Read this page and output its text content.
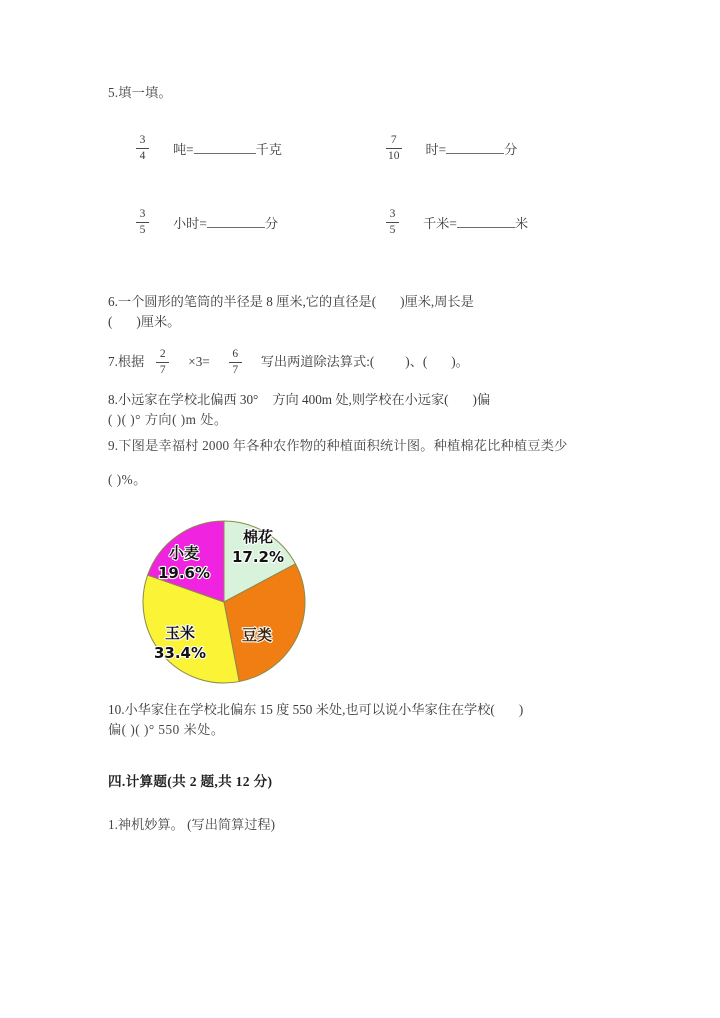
5.填一填。
$\frac{3}{4}$ 吨=	千克	$\frac{7}{10}$ 时=	分
$\frac{3}{5}$ 小时=	分	$\frac{3}{5}$ 千米=	米
6.一个圆形的笔筒的半径是 8 厘米,它的直径是( )厘米,周长是
( )厘米。
7.根据 $\frac{2}{7} \times 3= \frac{6}{7}$ 写出两道除法算式:( )、( )。
8.小远家在学校北偏西 30° 方向 400m 处,则学校在小远家( )偏
( )( )° 方向( )m 处。
9.下图是幸福村 2000 年各种农作物的种植面积统计图。种植棉花比种植豆类少
( )%。
棉花
17.2%
豆类
玉米
33.4%
小麦
19.6%
10.小华家住在学校北偏东 15 度 550 米处,也可以说小华家住在学校( )
偏( )( )° 550 米处。
四.计算题(共 2 题,共 12 分)
1.神机妙算。 (写出简算过程)
